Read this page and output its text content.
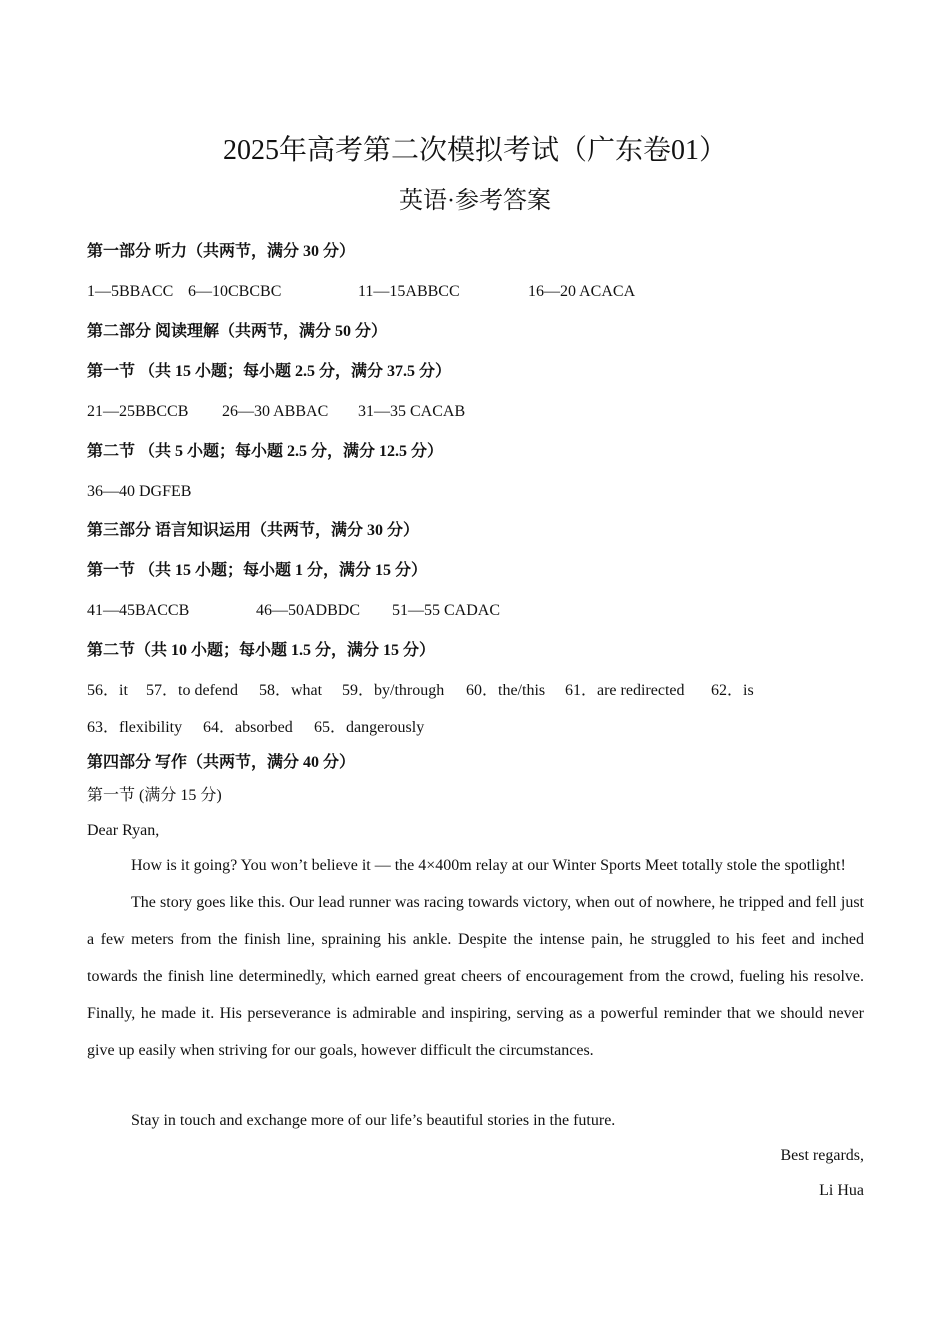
2025年高考第二次模拟考试（广东卷01）
英语·参考答案
第一部分 听力（共两节，满分 30 分）
1—5BBACC 6—10CBCBC	11—15ABBCC	16—20 ACACA
第二部分 阅读理解（共两节，满分 50 分）
第一节 （共 15 小题；每小题 2.5 分，满分 37.5 分）
21—25BBCCB 26—30 ABBAC 31—35 CACAB
第二节 （共 5 小题；每小题 2.5 分，满分 12.5 分）
36—40 DGFEB
第三部分 语言知识运用（共两节，满分 30 分）
第一节 （共 15 小题；每小题 1 分，满分 15 分）
41—45BACCB	46—50ADBDC 51—55 CADAC
第二节（共 10 小题；每小题 1.5 分，满分 15 分）
56．it 57．to defend 58．what 59．by/through 60．the/this 61．are redirected 62．is
63．flexibility 64．absorbed 65．dangerously
第四部分 写作（共两节，满分 40 分）
第一节 (满分 15 分)
Dear Ryan,

How is it going? You won’t believe it — the 4×400m relay at our Winter Sports Meet totally stole the spotlight!

The story goes like this. Our lead runner was racing towards victory, when out of nowhere, he tripped and fell just a few meters from the finish line, spraining his ankle. Despite the intense pain, he struggled to his feet and inched towards the finish line determinedly, which earned great cheers of encouragement from the crowd, fueling his resolve. Finally, he made it. His perseverance is admirable and inspiring, serving as a powerful reminder that we should never give up easily when striving for our goals, however difficult the circumstances.

Stay in touch and exchange more of our life’s beautiful stories in the future.
Best regards,
Li Hua
